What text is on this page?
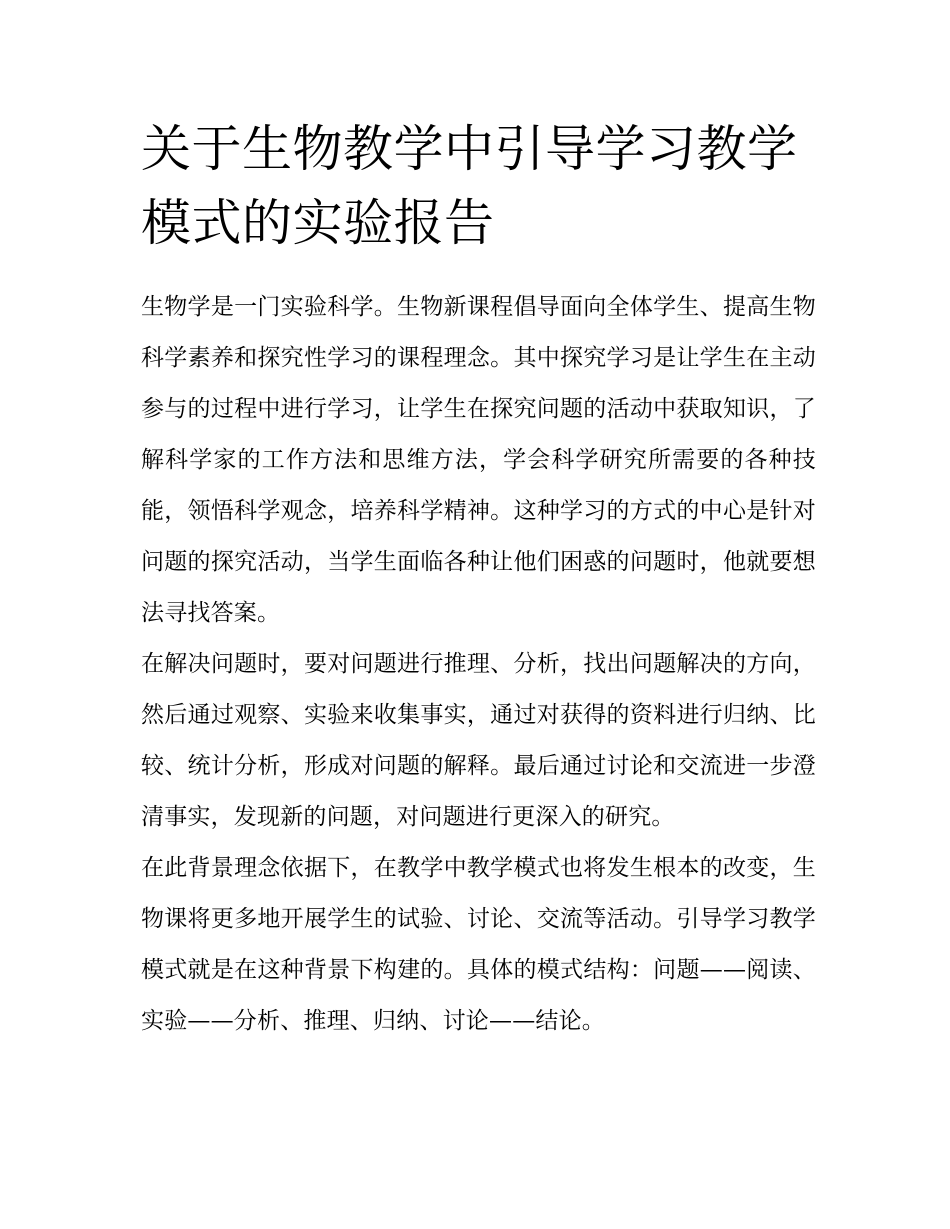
关于生物教学中引导学习教学模式的实验报告

生物学是一门实验科学。生物新课程倡导面向全体学生、提高生物科学素养和探究性学习的课程理念。其中探究学习是让学生在主动参与的过程中进行学习，让学生在探究问题的活动中获取知识，了解科学家的工作方法和思维方法，学会科学研究所需要的各种技能，领悟科学观念，培养科学精神。这种学习的方式的中心是针对问题的探究活动，当学生面临各种让他们困惑的问题时，他就要想法寻找答案。

在解决问题时，要对问题进行推理、分析，找出问题解决的方向，然后通过观察、实验来收集事实，通过对获得的资料进行归纳、比较、统计分析，形成对问题的解释。最后通过讨论和交流进一步澄清事实，发现新的问题，对问题进行更深入的研究。

在此背景理念依据下，在教学中教学模式也将发生根本的改变，生物课将更多地开展学生的试验、讨论、交流等活动。引导学习教学模式就是在这种背景下构建的。具体的模式结构：问题——阅读、实验——分析、推理、归纳、讨论——结论。
